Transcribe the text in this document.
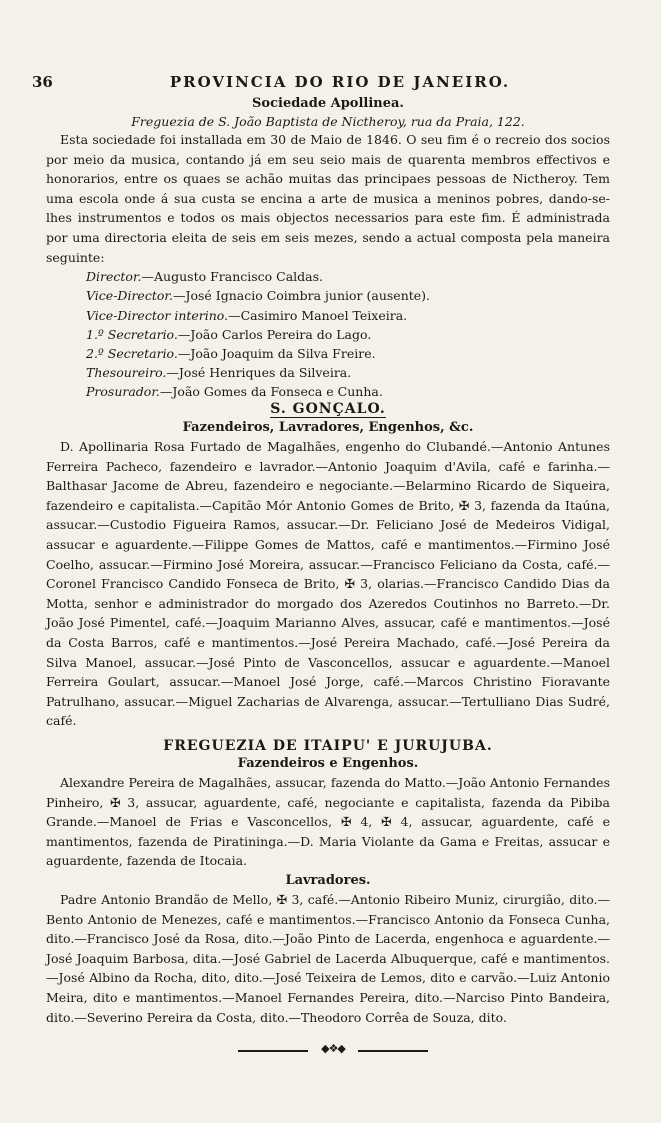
36	PROVINCIA DO RIO DE JANEIRO.
Sociedade Apollinea.
Freguezia de S. João Baptista de Nictheroy, rua da Praia, 122.
Esta sociedade foi installada em 30 de Maio de 1846. O seu fim é o recreio dos socios por meio da musica, contando já em seu seio mais de quarenta membros effectivos e honorarios, entre os quaes se achão muitas das principaes pessoas de Nictheroy. Tem uma escola onde á sua custa se encina a arte de musica a meninos pobres, dando-se-lhes instrumentos e todos os mais objectos necessarios para este fim. É administrada por uma directoria eleita de seis em seis mezes, sendo a actual composta pela maneira seguinte:
Director.—Augusto Francisco Caldas.
Vice-Director.—José Ignacio Coimbra junior (ausente).
Vice-Director interino.—Casimiro Manoel Teixeira.
1.º Secretario.—João Carlos Pereira do Lago.
2.º Secretario.—João Joaquim da Silva Freire.
Thesoureiro.—José Henriques da Silveira.
Prosurador.—João Gomes da Fonseca e Cunha.
S. GONÇALO.
Fazendeiros, Lavradores, Engenhos, &c.
D. Apollinaria Rosa Furtado de Magalhães, engenho do Clubandé.—Antonio Antunes Ferreira Pacheco, fazendeiro e lavrador.—Antonio Joaquim d'Avila, café e farinha.—Balthasar Jacome de Abreu, fazendeiro e negociante.—Belarmino Ricardo de Siqueira, fazendeiro e capitalista.—Capitão Mór Antonio Gomes de Brito, ✠ 3, fazenda da Itaúna, assucar.—Custodio Figueira Ramos, assucar.—Dr. Feliciano José de Medeiros Vidigal, assucar e aguardente.—Filippe Gomes de Mattos, café e mantimentos.—Firmino José Coelho, assucar.—Firmino José Moreira, assucar.—Francisco Feliciano da Costa, café.—Coronel Francisco Candido Fonseca de Brito, ✠ 3, olarias.—Francisco Candido Dias da Motta, senhor e administrador do morgado dos Azeredos Coutinhos no Barreto.—Dr. João José Pimentel, café.—Joaquim Marianno Alves, assucar, café e mantimentos.—José da Costa Barros, café e mantimentos.—José Pereira Machado, café.—José Pereira da Silva Manoel, assucar.—José Pinto de Vasconcellos, assucar e aguardente.—Manoel Ferreira Goulart, assucar.—Manoel José Jorge, café.—Marcos Christino Fioravante Patrulhano, assucar.—Miguel Zacharias de Alvarenga, assucar.—Tertulliano Dias Sudré, café.
FREGUEZIA DE ITAIPU' E JURUJUBA.
Fazendeiros e Engenhos.
Alexandre Pereira de Magalhães, assucar, fazenda do Matto.—João Antonio Fernandes Pinheiro, ✠ 3, assucar, aguardente, café, negociante e capitalista, fazenda da Pibiba Grande.—Manoel de Frias e Vasconcellos, ✠ 4, ✠ 4, assucar, aguardente, café e mantimentos, fazenda de Piratininga.—D. Maria Violante da Gama e Freitas, assucar e aguardente, fazenda de Itocaia.
Lavradores.
Padre Antonio Brandão de Mello, ✠ 3, café.—Antonio Ribeiro Muniz, cirurgião, dito.—Bento Antonio de Menezes, café e mantimentos.—Francisco Antonio da Fonseca Cunha, dito.—Francisco José da Rosa, dito.—João Pinto de Lacerda, engenhoca e aguardente.—José Joaquim Barbosa, dita.—José Gabriel de Lacerda Albuquerque, café e mantimentos.—José Albino da Rocha, dito, dito.—José Teixeira de Lemos, dito e carvão.—Luiz Antonio Meira, dito e mantimentos.—Manoel Fernandes Pereira, dito.—Narciso Pinto Bandeira, dito.—Severino Pereira da Costa, dito.—Theodoro Corrêa de Souza, dito.
◆❖◆
